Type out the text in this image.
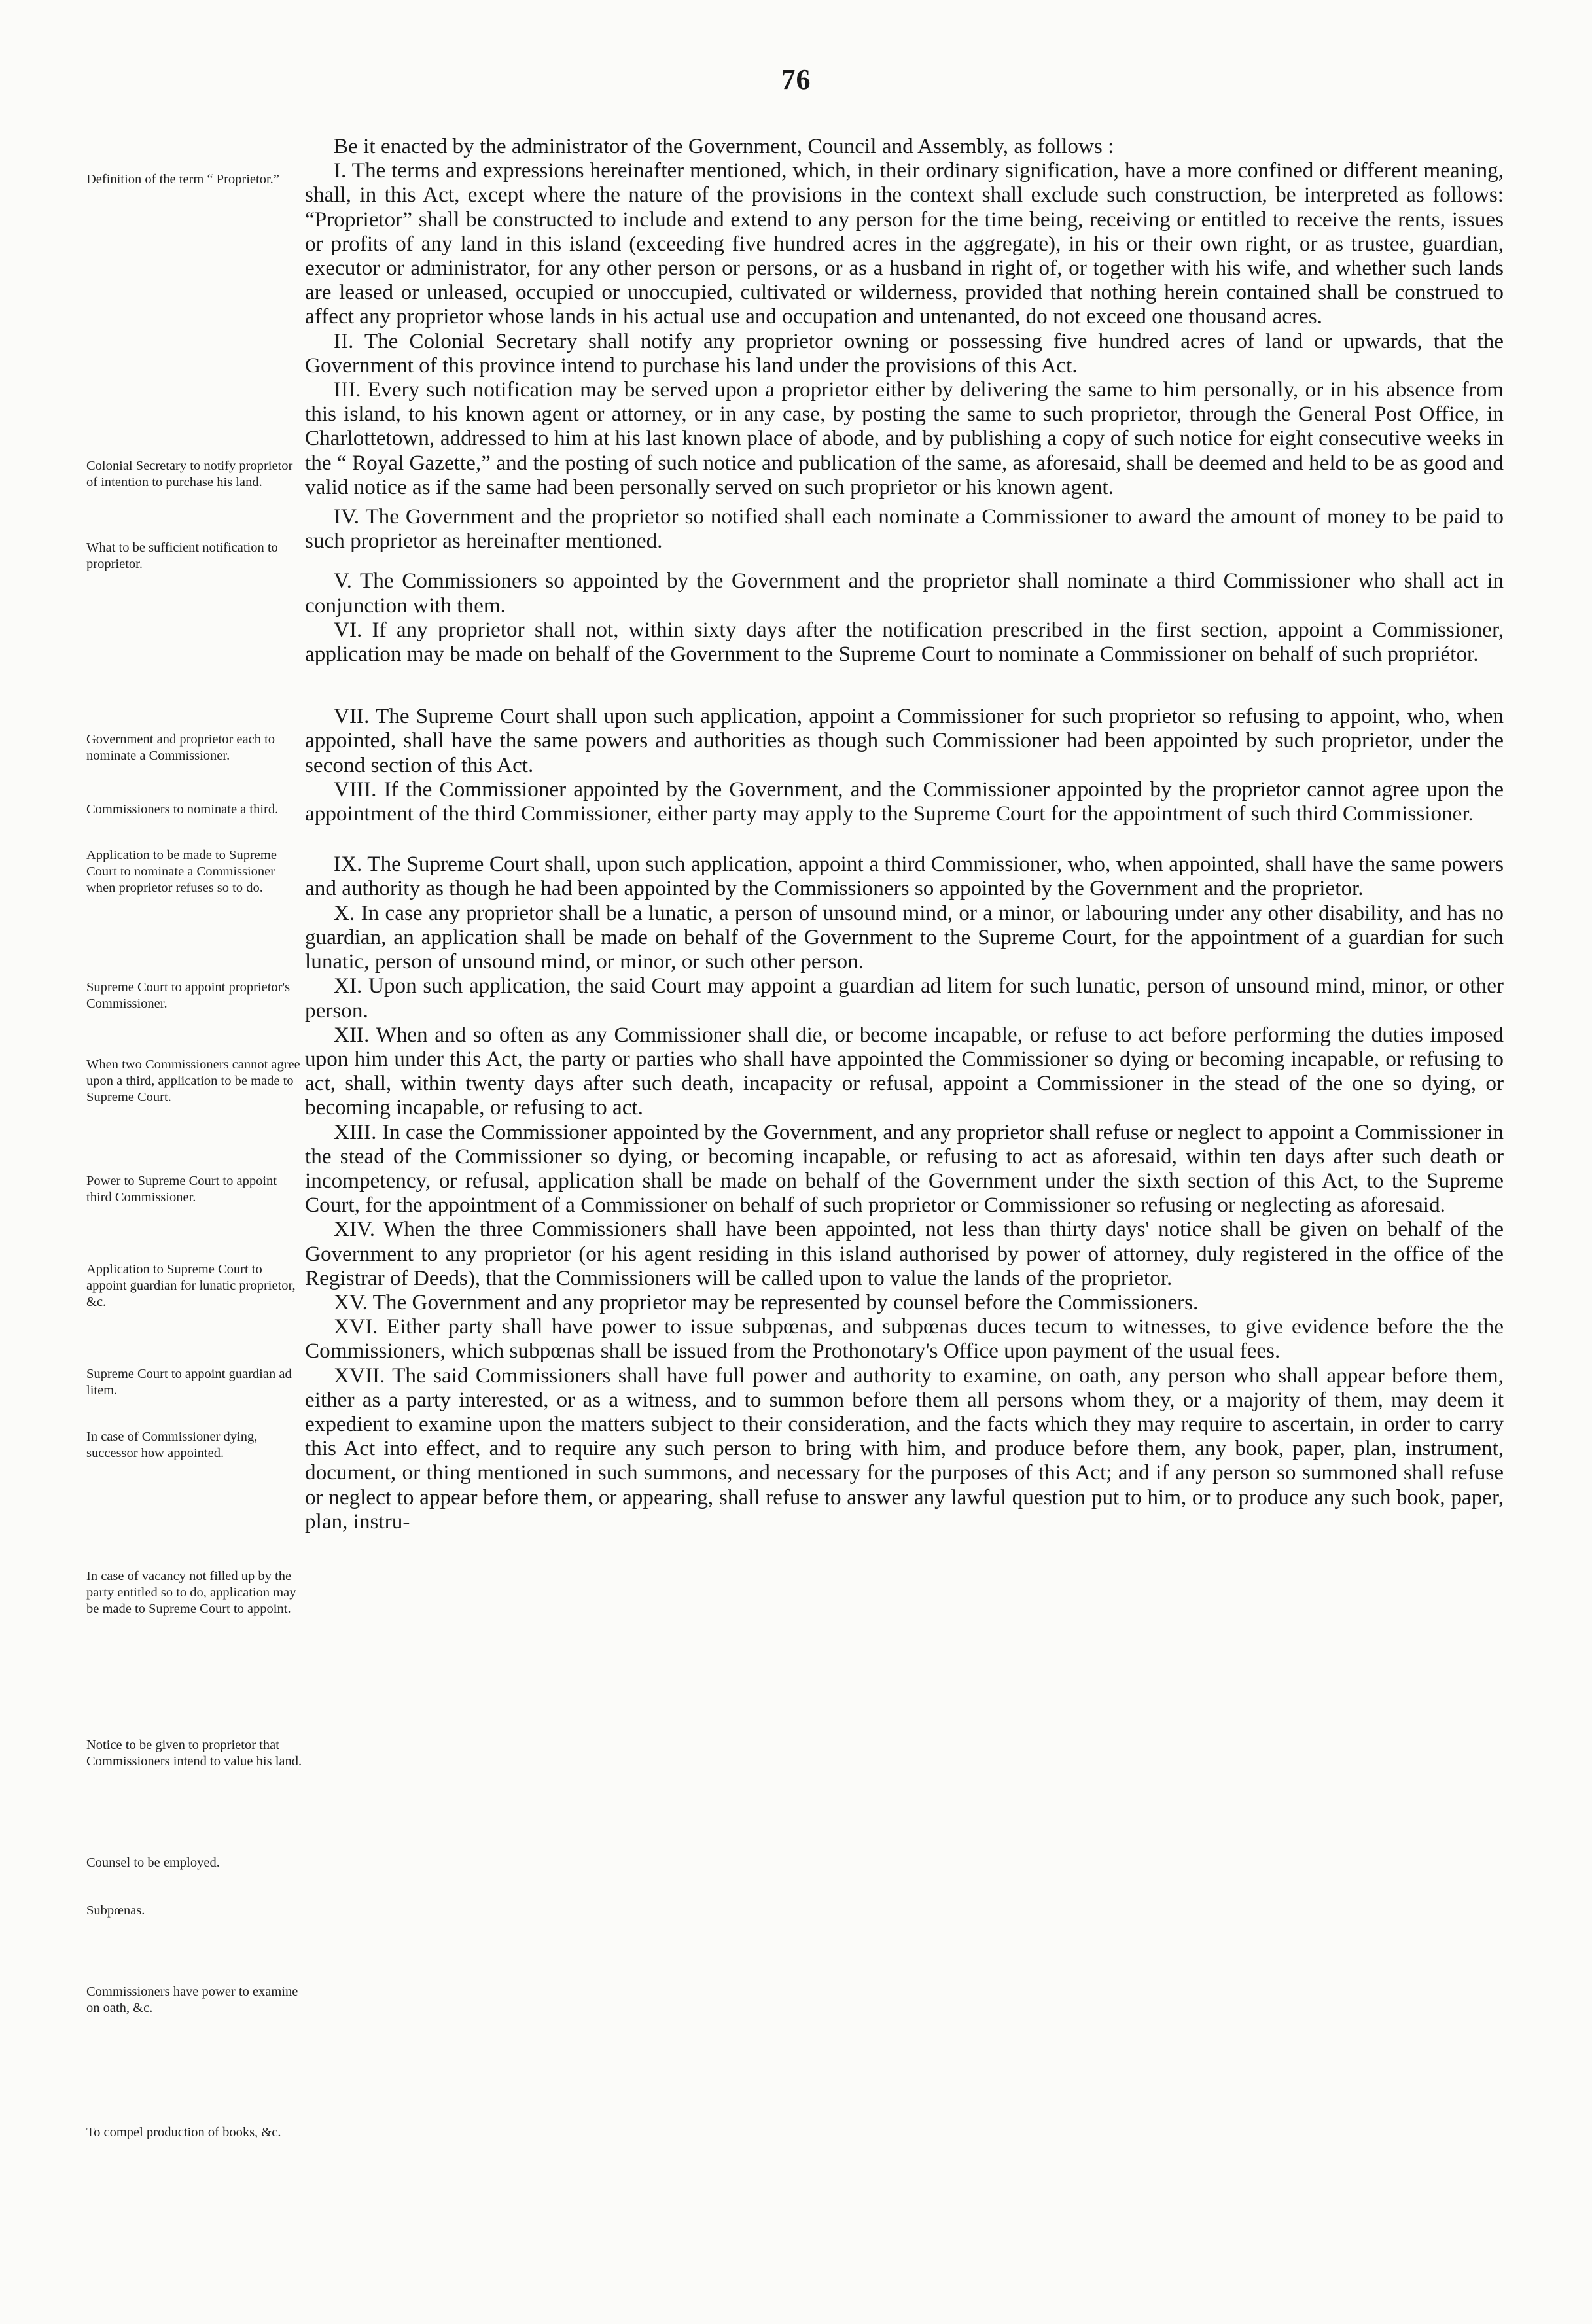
76
Definition of the term “ Proprietor.”
Colonial Secretary to notify proprietor of intention to purchase his land.
What to be sufficient notification to proprietor.
Government and proprietor each to nominate a Commissioner.
Commissioners to nominate a third.
Application to be made to Supreme Court to nominate a Commissioner when proprietor refuses so to do.
Supreme Court to appoint proprietor's Commissioner.
When two Commissioners cannot agree upon a third, application to be made to Supreme Court.
Power to Supreme Court to appoint third Commissioner.
Application to Supreme Court to appoint guardian for lunatic proprietor, &c.
Supreme Court to appoint guardian ad litem.
In case of Commissioner dying, successor how appointed.
In case of vacancy not filled up by the party entitled so to do, application may be made to Supreme Court to appoint.
Notice to be given to proprietor that Commissioners intend to value his land.
Counsel to be employed.
Subpœnas.
Commissioners have power to examine on oath, &c.
To compel production of books, &c.

Be it enacted by the administrator of the Government, Council and Assembly, as follows :

I. The terms and expressions hereinafter mentioned, which, in their ordinary signification, have a more confined or different meaning, shall, in this Act, except where the nature of the provisions in the context shall exclude such construction, be interpreted as follows: “Proprietor” shall be constructed to include and extend to any person for the time being, receiving or entitled to receive the rents, issues or profits of any land in this island (exceeding five hundred acres in the aggregate), in his or their own right, or as trustee, guardian, executor or administrator, for any other person or persons, or as a husband in right of, or together with his wife, and whether such lands are leased or unleased, occupied or unoccupied, cultivated or wilderness, provided that nothing herein contained shall be construed to affect any proprietor whose lands in his actual use and occupation and untenanted, do not exceed one thousand acres.

II. The Colonial Secretary shall notify any proprietor owning or possessing five hundred acres of land or upwards, that the Government of this province intend to purchase his land under the provisions of this Act.

III. Every such notification may be served upon a proprietor either by delivering the same to him personally, or in his absence from this island, to his known agent or attorney, or in any case, by posting the same to such proprietor, through the General Post Office, in Charlottetown, addressed to him at his last known place of abode, and by publishing a copy of such notice for eight consecutive weeks in the “ Royal Gazette,” and the posting of such notice and publication of the same, as aforesaid, shall be deemed and held to be as good and valid notice as if the same had been personally served on such proprietor or his known agent.

IV. The Government and the proprietor so notified shall each nominate a Commissioner to award the amount of money to be paid to such proprietor as hereinafter mentioned.

V. The Commissioners so appointed by the Government and the proprietor shall nominate a third Commissioner who shall act in conjunction with them.

VI. If any proprietor shall not, within sixty days after the notification prescribed in the first section, appoint a Commissioner, application may be made on behalf of the Government to the Supreme Court to nominate a Commissioner on behalf of such propriétor.

VII. The Supreme Court shall upon such application, appoint a Commissioner for such proprietor so refusing to appoint, who, when appointed, shall have the same powers and authorities as though such Commissioner had been appointed by such proprietor, under the second section of this Act.

VIII. If the Commissioner appointed by the Government, and the Commissioner appointed by the proprietor cannot agree upon the appointment of the third Commissioner, either party may apply to the Supreme Court for the appointment of such third Commissioner.

IX. The Supreme Court shall, upon such application, appoint a third Commissioner, who, when appointed, shall have the same powers and authority as though he had been appointed by the Commissioners so appointed by the Government and the proprietor.

X. In case any proprietor shall be a lunatic, a person of unsound mind, or a minor, or labouring under any other disability, and has no guardian, an application shall be made on behalf of the Government to the Supreme Court, for the appointment of a guardian for such lunatic, person of unsound mind, or minor, or such other person.

XI. Upon such application, the said Court may appoint a guardian ad litem for such lunatic, person of unsound mind, minor, or other person.

XII. When and so often as any Commissioner shall die, or become incapable, or refuse to act before performing the duties imposed upon him under this Act, the party or parties who shall have appointed the Commissioner so dying or becoming incapable, or refusing to act, shall, within twenty days after such death, incapacity or refusal, appoint a Commissioner in the stead of the one so dying, or becoming incapable, or refusing to act.

XIII. In case the Commissioner appointed by the Government, and any proprietor shall refuse or neglect to appoint a Commissioner in the stead of the Commissioner so dying, or becoming incapable, or refusing to act as aforesaid, within ten days after such death or incompetency, or refusal, application shall be made on behalf of the Government under the sixth section of this Act, to the Supreme Court, for the appointment of a Commissioner on behalf of such proprietor or Commissioner so refusing or neglecting as aforesaid.

XIV. When the three Commissioners shall have been appointed, not less than thirty days' notice shall be given on behalf of the Government to any proprietor (or his agent residing in this island authorised by power of attorney, duly registered in the office of the Registrar of Deeds), that the Commissioners will be called upon to value the lands of the proprietor.

XV. The Government and any proprietor may be represented by counsel before the Commissioners.

XVI. Either party shall have power to issue subpœnas, and subpœnas duces tecum to witnesses, to give evidence before the the Commissioners, which subpœnas shall be issued from the Prothonotary's Office upon payment of the usual fees.

XVII. The said Commissioners shall have full power and authority to examine, on oath, any person who shall appear before them, either as a party interested, or as a witness, and to summon before them all persons whom they, or a majority of them, may deem it expedient to examine upon the matters subject to their consideration, and the facts which they may require to ascertain, in order to carry this Act into effect, and to require any such person to bring with him, and produce before them, any book, paper, plan, instrument, document, or thing mentioned in such summons, and necessary for the purposes of this Act; and if any person so summoned shall refuse or neglect to appear before them, or appearing, shall refuse to answer any lawful question put to him, or to produce any such book, paper, plan, instru-
